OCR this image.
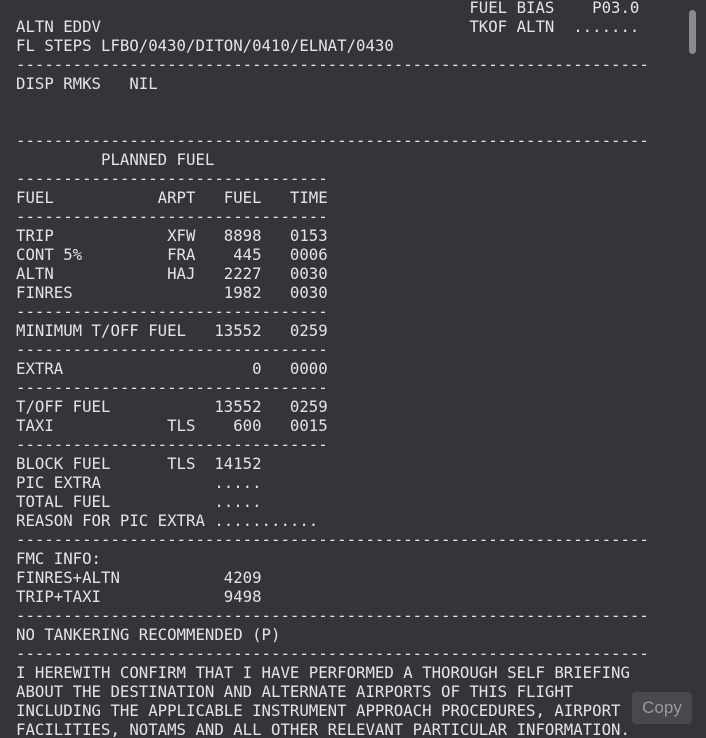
FUEL BIAS    P03.0
ALTN EDDV                                       TKOF ALTN  .......
FL STEPS LFBO/0430/DITON/0410/ELNAT/0430
-------------------------------------------------------------------
DISP RMKS   NIL
-------------------------------------------------------------------
PLANNED FUEL
---------------------------------
FUEL           ARPT   FUEL   TIME
---------------------------------
TRIP            XFW   8898   0153
CONT 5%         FRA    445   0006
ALTN            HAJ   2227   0030
FINRES                1982   0030
---------------------------------
MINIMUM T/OFF FUEL   13552   0259
---------------------------------
EXTRA                    0   0000
---------------------------------
T/OFF FUEL           13552   0259
TAXI            TLS    600   0015
---------------------------------
BLOCK FUEL      TLS  14152
PIC EXTRA            .....
TOTAL FUEL           .....
REASON FOR PIC EXTRA ...........
-------------------------------------------------------------------
FMC INFO:
FINRES+ALTN           4209
TRIP+TAXI             9498
-------------------------------------------------------------------
NO TANKERING RECOMMENDED (P)
-------------------------------------------------------------------
I HEREWITH CONFIRM THAT I HAVE PERFORMED A THOROUGH SELF BRIEFING
ABOUT THE DESTINATION AND ALTERNATE AIRPORTS OF THIS FLIGHT
INCLUDING THE APPLICABLE INSTRUMENT APPROACH PROCEDURES, AIRPORT
FACILITIES, NOTAMS AND ALL OTHER RELEVANT PARTICULAR INFORMATION.
Copy
